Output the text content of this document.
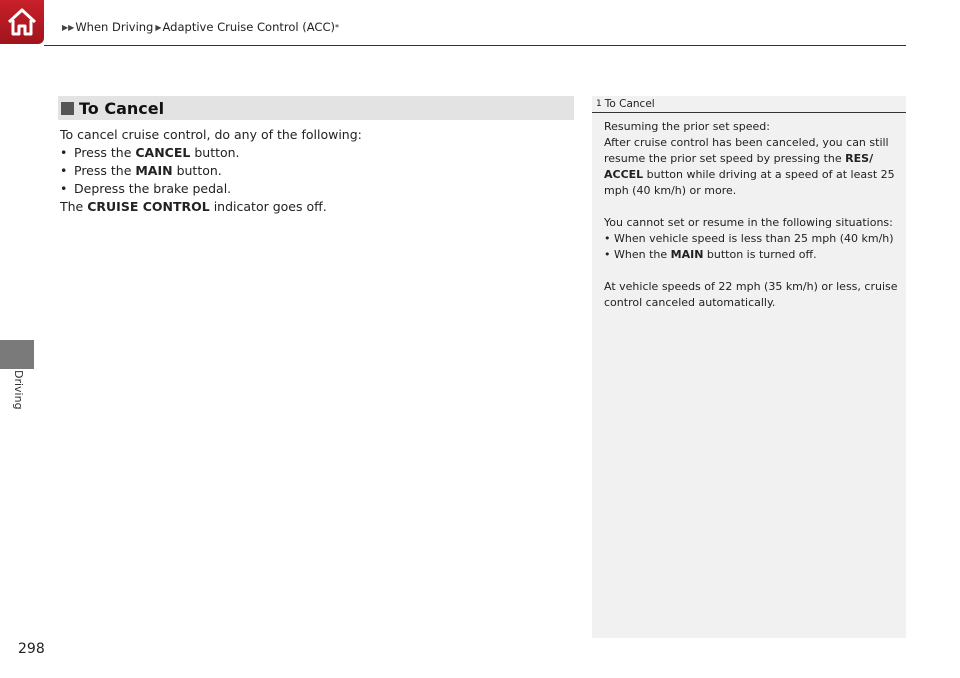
▶▶ When Driving ▶ Adaptive Cruise Control (ACC) *
Driving
298
To Cancel

To cancel cruise control, do any of the following:

• Press the CANCEL button.
• Press the MAIN button.
• Depress the brake pedal.

The CRUISE CONTROL indicator goes off.

1 To Cancel

Resuming the prior set speed:

After cruise control has been canceled, you can still resume the prior set speed by pressing the RES/ ACCEL button while driving at a speed of at least 25 mph (40 km/h) or more.

You cannot set or resume in the following situations:

• When vehicle speed is less than 25 mph (40 km/h)

• When the MAIN button is turned off.

At vehicle speeds of 22 mph (35 km/h) or less, cruise control canceled automatically.
